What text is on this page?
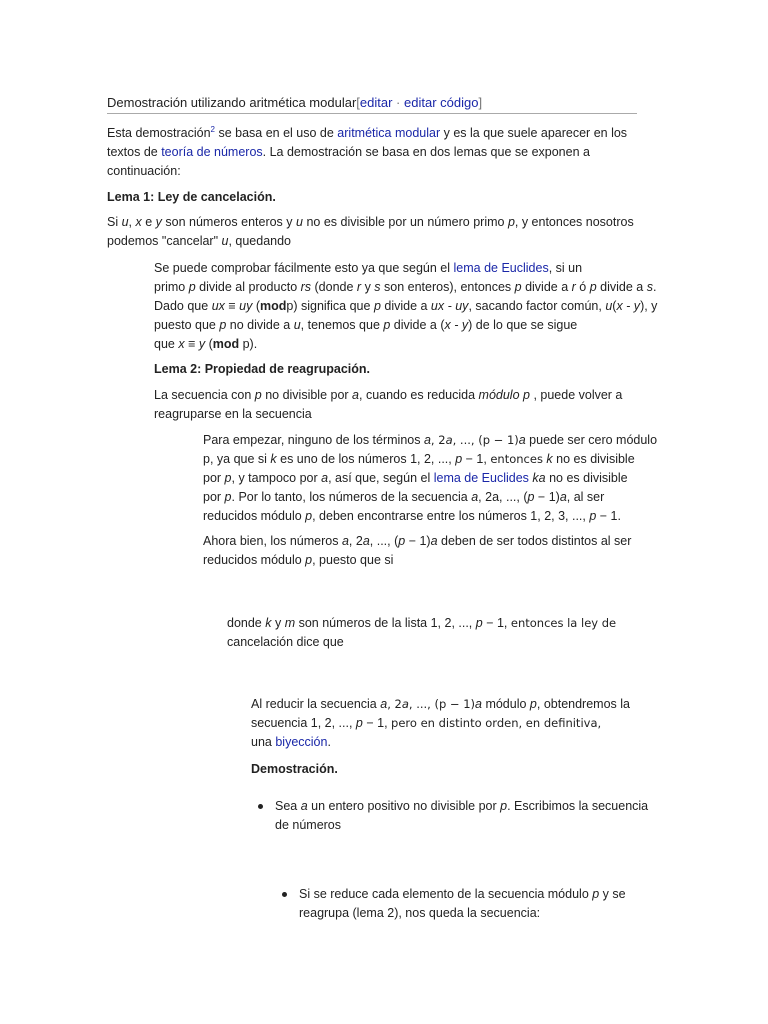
Demostración utilizando aritmética modular[editar · editar código]
Esta demostración$^2$ se basa en el uso de aritmética modular y es la que suele aparecer en los
textos de teoría de números. La demostración se basa en dos lemas que se exponen a
continuación:
Lema 1: Ley de cancelación.
Si u, x e y son números enteros y u no es divisible por un número primo p, y entonces nosotros
podemos "cancelar" u, quedando
Se puede comprobar fácilmente esto ya que según el lema de Euclides, si un
primo p divide al producto rs (donde r y s son enteros), entonces p divide a r ó p divide a s.
Dado que ux ≡ uy (modp) significa que p divide a ux - uy, sacando factor común, u(x - y), y
puesto que p no divide a u, tenemos que p divide a (x - y) de lo que se sigue
que x ≡ y (mod p).
Lema 2: Propiedad de reagrupación.
La secuencia con p no divisible por a, cuando es reducida módulo p , puede volver a
reagruparse en la secuencia
Para empezar, ninguno de los términos a, 2a, ..., (p − 1)a puede ser cero módulo
p, ya que si k es uno de los números 1, 2, ..., p − 1, entonces k no es divisible
por p, y tampoco por a, así que, según el lema de Euclides ka no es divisible
por p. Por lo tanto, los números de la secuencia a, 2a, ..., (p − 1)a, al ser
reducidos módulo p, deben encontrarse entre los números 1, 2, 3, ..., p − 1.
Ahora bien, los números a, 2a, ..., (p − 1)a deben de ser todos distintos al ser
reducidos módulo p, puesto que si
donde k y m son números de la lista 1, 2, ..., p − 1, entonces la ley de
cancelación dice que
Al reducir la secuencia a, 2a, ..., (p − 1)a módulo p, obtendremos la
secuencia 1, 2, ..., p − 1, pero en distinto orden, en definitiva,
una biyección.
Demostración.
Sea a un entero positivo no divisible por p. Escribimos la secuencia
de números
Si se reduce cada elemento de la secuencia módulo p y se
reagrupa (lema 2), nos queda la secuencia:
